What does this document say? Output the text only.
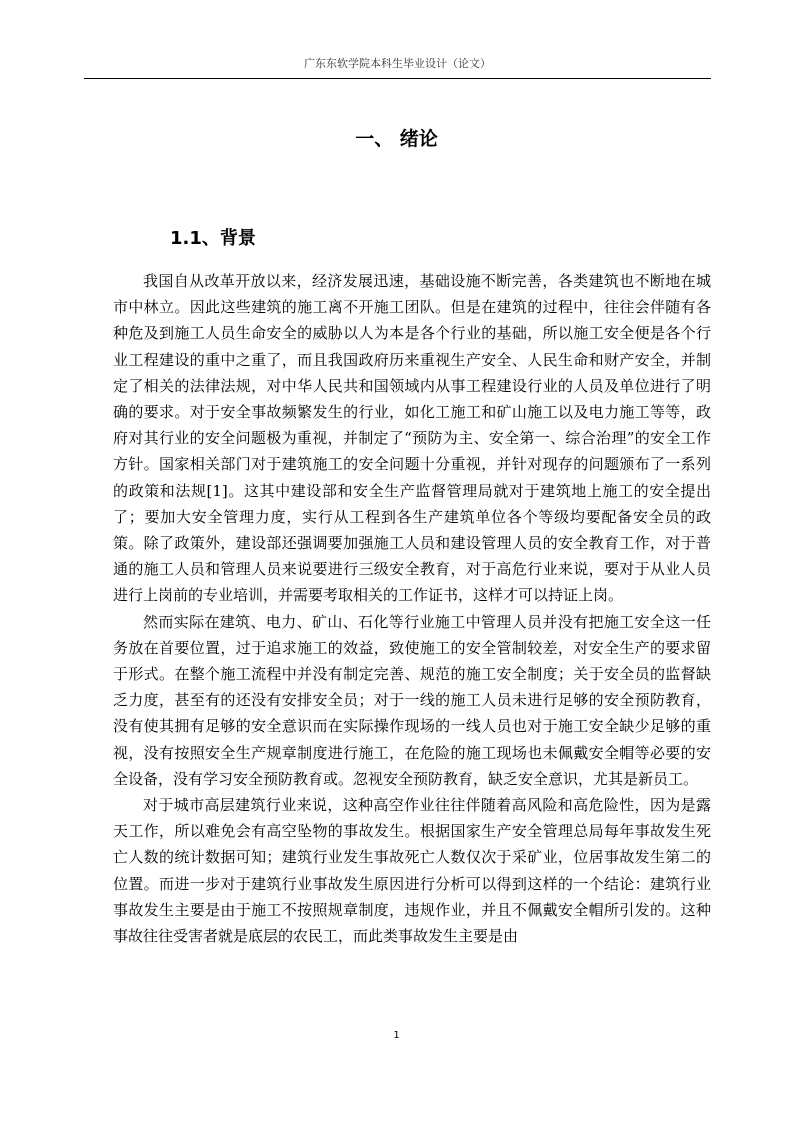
广东东软学院本科生毕业设计（论文）
一、 绪论
1.1、背景

我国自从改革开放以来，经济发展迅速，基础设施不断完善，各类建筑也不断地在城市中林立。因此这些建筑的施工离不开施工团队。但是在建筑的过程中，往往会伴随有各种危及到施工人员生命安全的威胁以人为本是各个行业的基础，所以施工安全便是各个行业工程建设的重中之重了，而且我国政府历来重视生产安全、人民生命和财产安全，并制定了相关的法律法规，对中华人民共和国领域内从事工程建设行业的人员及单位进行了明确的要求。对于安全事故频繁发生的行业，如化工施工和矿山施工以及电力施工等等，政府对其行业的安全问题极为重视，并制定了“预防为主、安全第一、综合治理”的安全工作方针。国家相关部门对于建筑施工的安全问题十分重视，并针对现存的问题颁布了一系列的政策和法规[1]。这其中建设部和安全生产监督管理局就对于建筑地上施工的安全提出了；要加大安全管理力度，实行从工程到各生产建筑单位各个等级均要配备安全员的政策。除了政策外，建设部还强调要加强施工人员和建设管理人员的安全教育工作，对于普通的施工人员和管理人员来说要进行三级安全教育，对于高危行业来说，要对于从业人员进行上岗前的专业培训，并需要考取相关的工作证书，这样才可以持证上岗。

然而实际在建筑、电力、矿山、石化等行业施工中管理人员并没有把施工安全这一任务放在首要位置，过于追求施工的效益，致使施工的安全管制较差，对安全生产的要求留于形式。在整个施工流程中并没有制定完善、规范的施工安全制度；关于安全员的监督缺乏力度，甚至有的还没有安排安全员；对于一线的施工人员未进行足够的安全预防教育，没有使其拥有足够的安全意识而在实际操作现场的一线人员也对于施工安全缺少足够的重视，没有按照安全生产规章制度进行施工，在危险的施工现场也未佩戴安全帽等必要的安全设备，没有学习安全预防教育或。忽视安全预防教育，缺乏安全意识，尤其是新员工。

对于城市高层建筑行业来说，这种高空作业往往伴随着高风险和高危险性，因为是露天工作，所以难免会有高空坠物的事故发生。根据国家生产安全管理总局每年事故发生死亡人数的统计数据可知；建筑行业发生事故死亡人数仅次于采矿业，位居事故发生第二的位置。而进一步对于建筑行业事故发生原因进行分析可以得到这样的一个结论：建筑行业事故发生主要是由于施工不按照规章制度，违规作业，并且不佩戴安全帽所引发的。这种事故往往受害者就是底层的农民工，而此类事故发生主要是由

1
